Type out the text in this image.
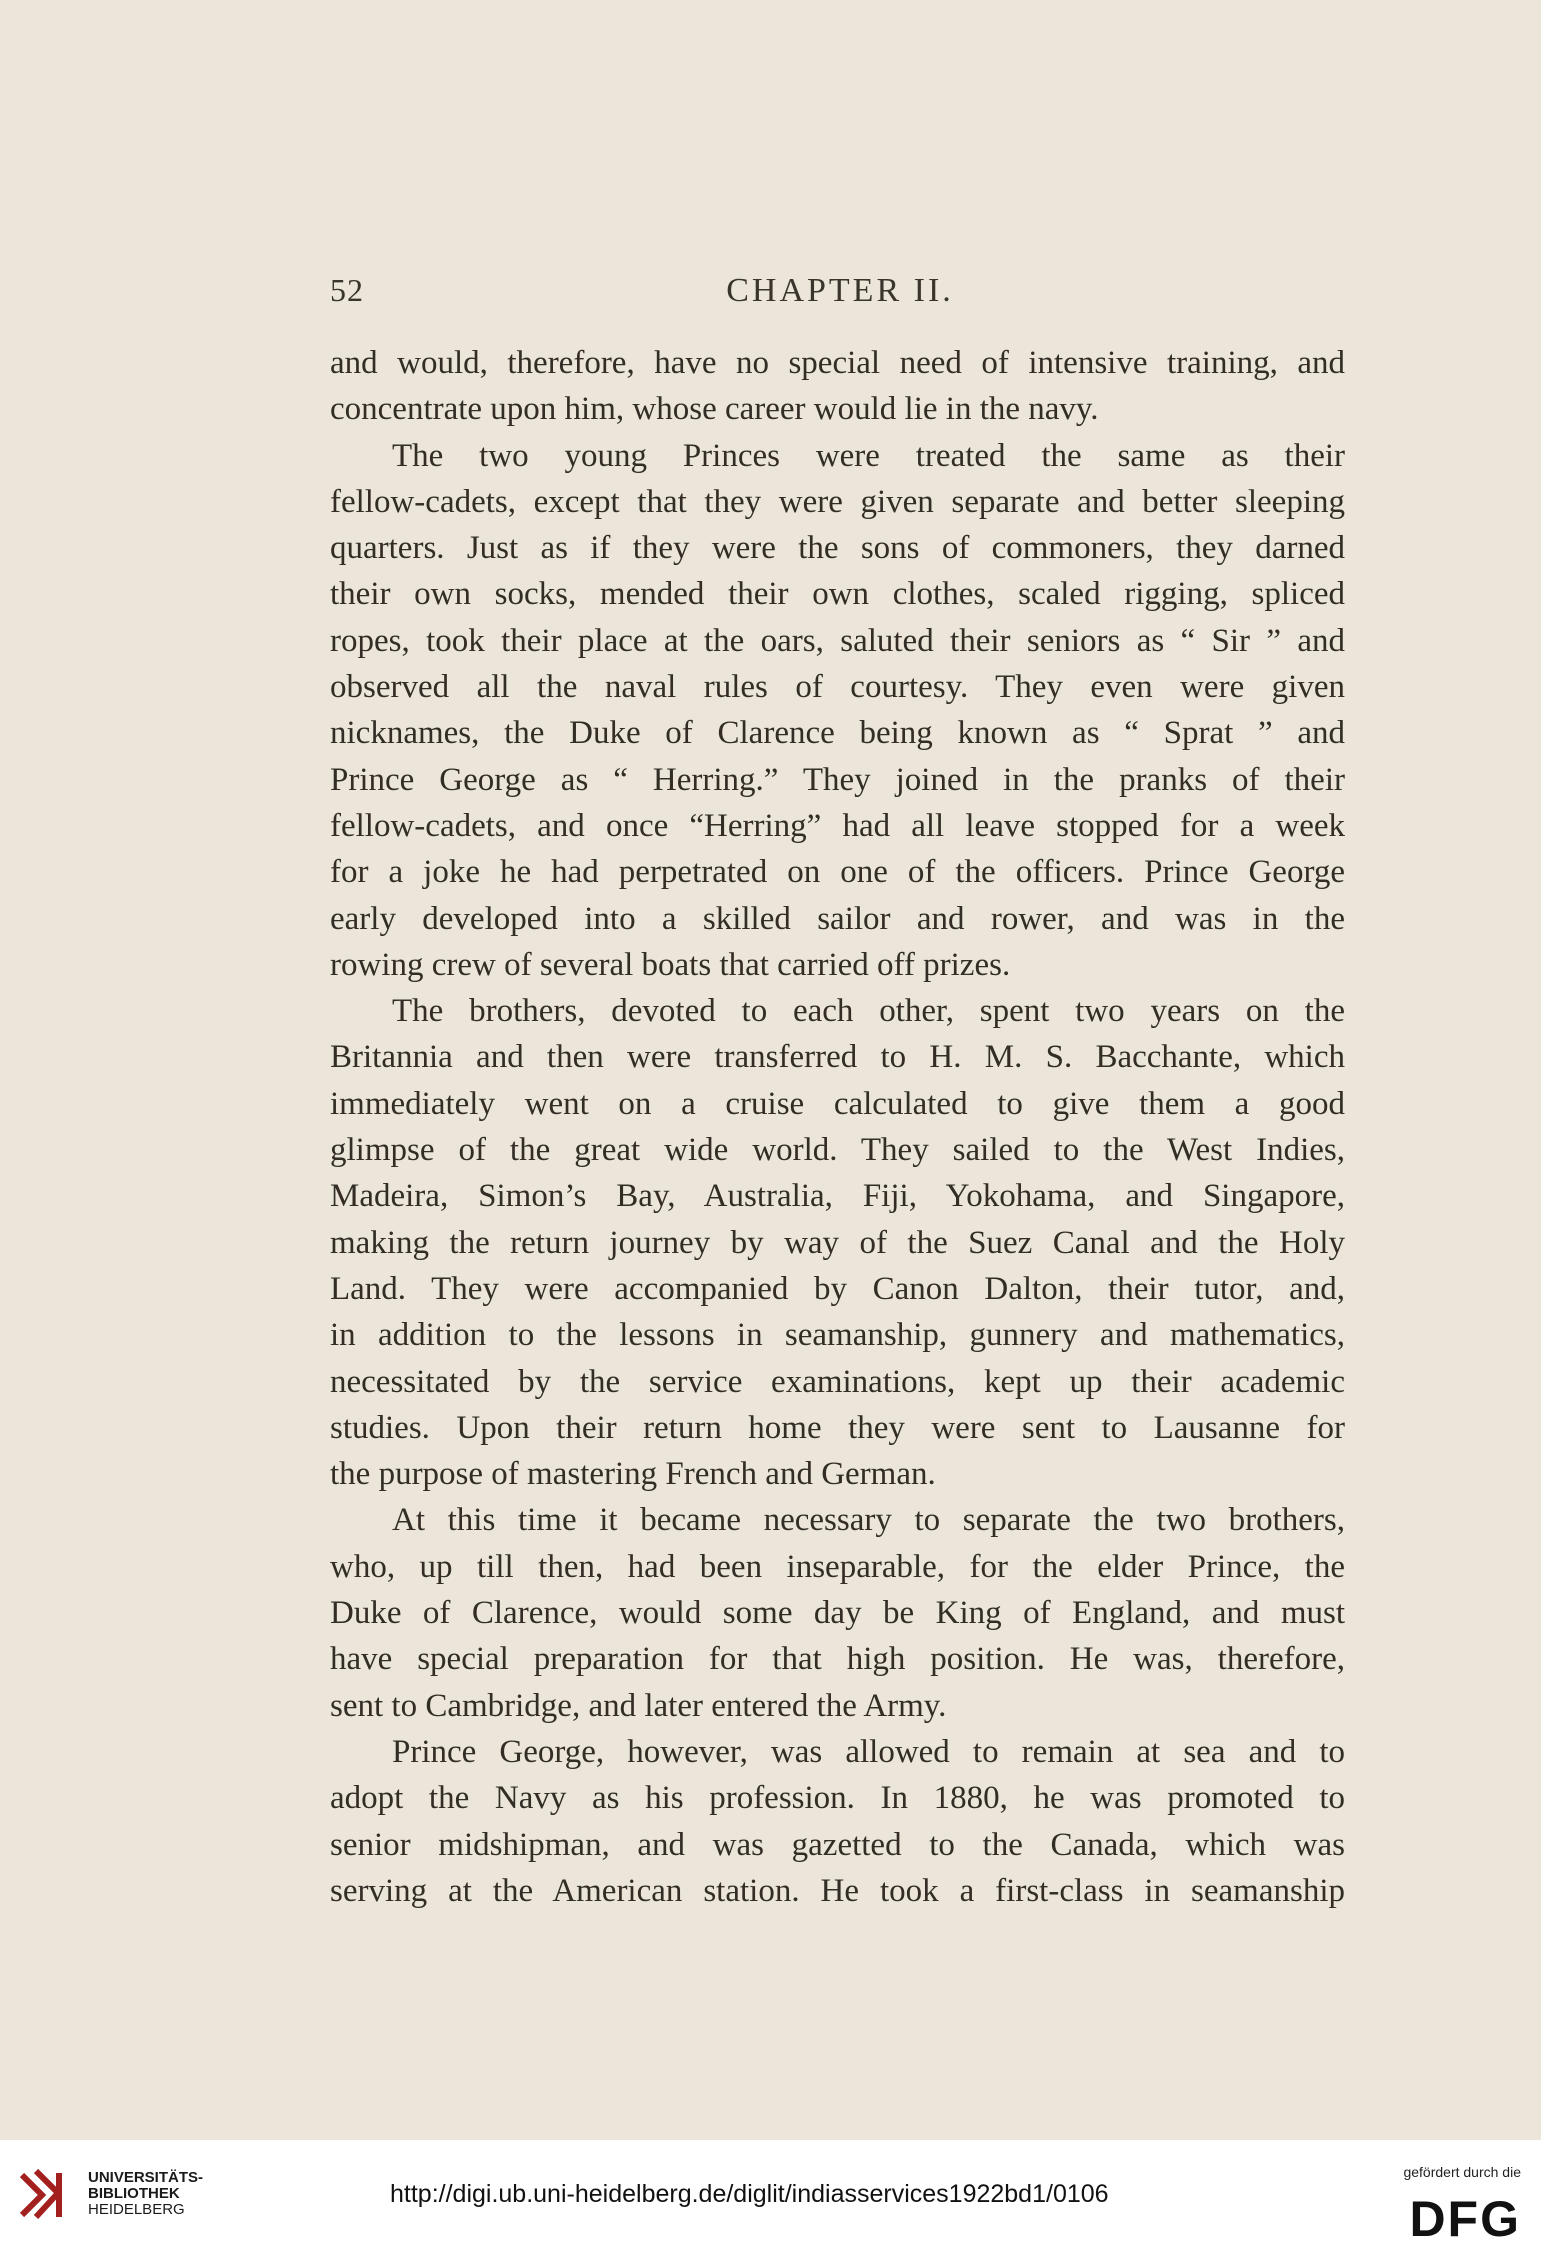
52	CHAPTER II.
and would, therefore, have no special need of intensive training, and
concentrate upon him, whose career would lie in the navy.
The two young Princes were treated the same as their
fellow-cadets, except that they were given separate and better sleeping
quarters. Just as if they were the sons of commoners, they darned
their own socks, mended their own clothes, scaled rigging, spliced
ropes, took their place at the oars, saluted their seniors as “ Sir ” and
observed all the naval rules of courtesy. They even were given
nicknames, the Duke of Clarence being known as “ Sprat ” and
Prince George as “ Herring.” They joined in the pranks of their
fellow-cadets, and once “Herring” had all leave stopped for a week
for a joke he had perpetrated on one of the officers. Prince George
early developed into a skilled sailor and rower, and was in the
rowing crew of several boats that carried off prizes.
The brothers, devoted to each other, spent two years on the
Britannia and then were transferred to H. M. S. Bacchante, which
immediately went on a cruise calculated to give them a good
glimpse of the great wide world. They sailed to the West Indies,
Madeira, Simon’s Bay, Australia, Fiji, Yokohama, and Singapore,
making the return journey by way of the Suez Canal and the Holy
Land. They were accompanied by Canon Dalton, their tutor, and,
in addition to the lessons in seamanship, gunnery and mathematics,
necessitated by the service examinations, kept up their academic
studies. Upon their return home they were sent to Lausanne for
the purpose of mastering French and German.
At this time it became necessary to separate the two brothers,
who, up till then, had been inseparable, for the elder Prince, the
Duke of Clarence, would some day be King of England, and must
have special preparation for that high position. He was, therefore,
sent to Cambridge, and later entered the Army.
Prince George, however, was allowed to remain at sea and to
adopt the Navy as his profession. In 1880, he was promoted to
senior midshipman, and was gazetted to the Canada, which was
serving at the American station. He took a first-class in seamanship
UNIVERSITÄTS-
BIBLIOTHEK
HEIDELBERG
http://digi.ub.uni-heidelberg.de/diglit/indiasservices1922bd1/0106
gefördert durch die
DFG
